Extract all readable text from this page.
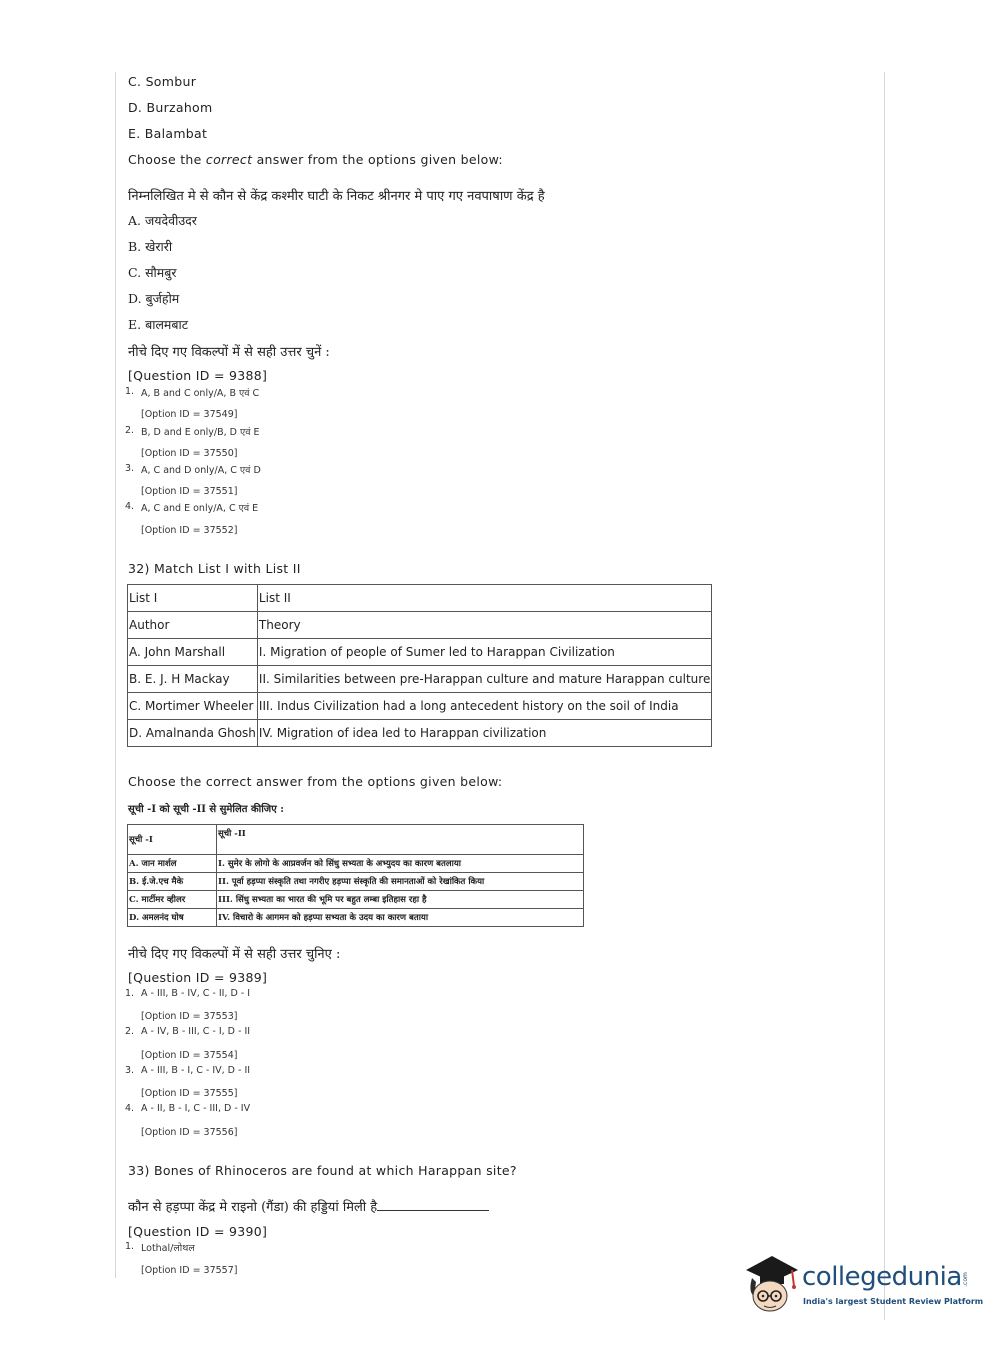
C. Sombur
D. Burzahom
E. Balambat
Choose the correct answer from the options given below:
निम्नलिखित मे से कौन से केंद्र कश्मीर घाटी के निकट श्रीनगर मे पाए गए नवपाषाण केंद्र है
A. जयदेवीउदर
B. खेरारी
C. सौमबुर
D. बुर्जहोम
E. बालमबाट
नीचे दिए गए विकल्पों में से सही उत्तर चुनें :
[Question ID = 9388]
1. A, B and C only/A, B एवं C
[Option ID = 37549]
2. B, D and E only/B, D एवं E
[Option ID = 37550]
3. A, C and D only/A, C एवं D
[Option ID = 37551]
4. A, C and E only/A, C एवं E
[Option ID = 37552]
32) Match List I with List II
List I	List II
Author	Theory
A. John Marshall	I. Migration of people of Sumer led to Harappan Civilization
B. E. J. H Mackay	II. Similarities between pre-Harappan culture and mature Harappan culture
C. Mortimer Wheeler	III. Indus Civilization had a long antecedent history on the soil of India
D. Amalnanda Ghosh	IV. Migration of idea led to Harappan civilization
Choose the correct answer from the options given below:
सूची -I को सूची -II से सुमेलित कीजिए :
सूची -I	सूची -II
A. जान मार्शल	I. सुमेर के लोगो के आप्रवर्जन को सिंधु सभ्यता के अभ्युदय का कारण बतलाया
B. ई.जे.एच मैके	II. पूर्वा हड़प्पा संस्कृति तथा नगरीए हड़प्पा संस्कृति की समानताओं को रेखांकित किया
C. मार्टीमर व्हीलर	III. सिंधु सभ्यता का भारत की भूमि पर बहुत लम्बा इतिहास रहा है
D. अमलनंद घोष	IV. विचारो के आगमन को हड़प्पा सभ्यता के उदय का कारण बताया
नीचे दिए गए विकल्पों में से सही उत्तर चुनिए :
[Question ID = 9389]
1. A - III, B - IV, C - II, D - I
[Option ID = 37553]
2. A - IV, B - III, C - I, D - II
[Option ID = 37554]
3. A - III, B - I, C - IV, D - II
[Option ID = 37555]
4. A - II, B - I, C - III, D - IV
[Option ID = 37556]
33) Bones of Rhinoceros are found at which Harappan site?
कौन से हड़प्पा केंद्र मे राइनो (गैंडा) की हड्डियां मिली है
[Question ID = 9390]
1. Lothal/लोथल
[Option ID = 37557]	collegedunia .com
India's largest Student Review Platform
